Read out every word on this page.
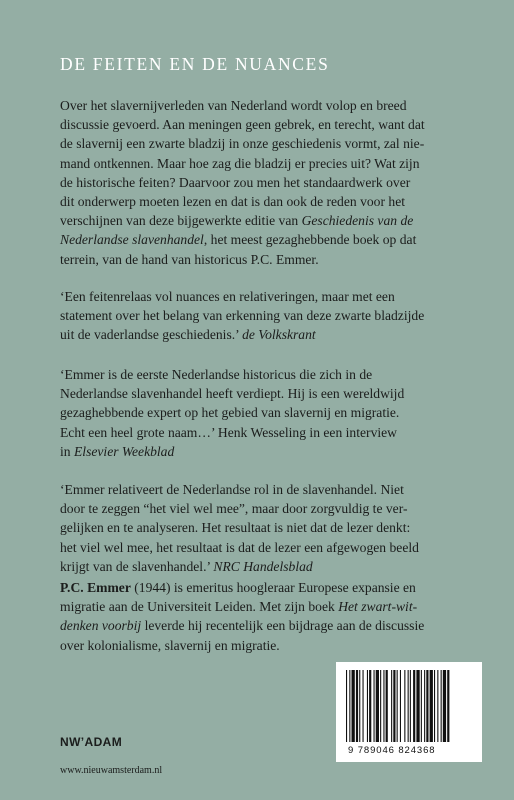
DE FEITEN EN DE NUANCES

Over het slavernijverleden van Nederland wordt volop en breed
discussie gevoerd. Aan meningen geen gebrek, en terecht, want dat
de slavernij een zwarte bladzij in onze geschiedenis vormt, zal nie-
mand ontkennen. Maar hoe zag die bladzij er precies uit? Wat zijn
de historische feiten? Daarvoor zou men het standaardwerk over
dit onderwerp moeten lezen en dat is dan ook de reden voor het
verschijnen van deze bijgewerkte editie van Geschiedenis van de
Nederlandse slavenhandel, het meest gezaghebbende boek op dat
terrein, van de hand van historicus P.C. Emmer.

‘Een feitenrelaas vol nuances en relativeringen, maar met een
statement over het belang van erkenning van deze zwarte bladzijde
uit de vaderlandse geschiedenis.’ de Volkskrant

‘Emmer is de eerste Nederlandse historicus die zich in de
Nederlandse slavenhandel heeft verdiept. Hij is een wereldwijd
gezaghebbende expert op het gebied van slavernij en migratie.
Echt een heel grote naam…’ Henk Wesseling in een interview
in Elsevier Weekblad

‘Emmer relativeert de Nederlandse rol in de slavenhandel. Niet
door te zeggen “het viel wel mee”, maar door zorgvuldig te ver-
gelijken en te analyseren. Het resultaat is niet dat de lezer denkt:
het viel wel mee, het resultaat is dat de lezer een afgewogen beeld
krijgt van de slavenhandel.’ NRC Handelsblad

P.C. Emmer (1944) is emeritus hoogleraar Europese expansie en
migratie aan de Universiteit Leiden. Met zijn boek Het zwart-wit-
denken voorbij leverde hij recentelijk een bijdrage aan de discussie
over kolonialisme, slavernij en migratie.

NW’ADAM
www.nieuwamsterdam.nl
9 789046 824368
